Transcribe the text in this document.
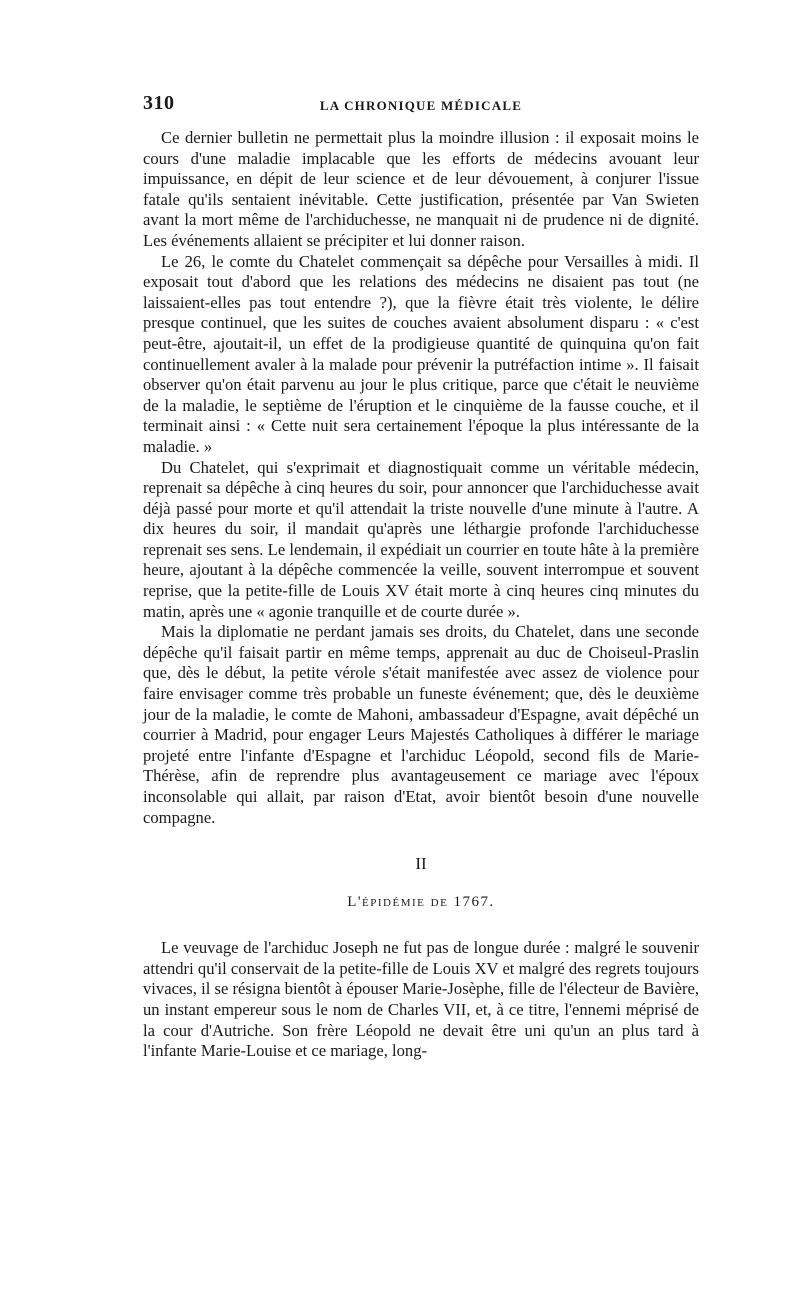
310	LA CHRONIQUE MÉDICALE

Ce dernier bulletin ne permettait plus la moindre illusion : il exposait moins le cours d'une maladie implacable que les efforts de médecins avouant leur impuissance, en dépit de leur science et de leur dévouement, à conjurer l'issue fatale qu'ils sentaient inévitable. Cette justification, présentée par Van Swieten avant la mort même de l'archiduchesse, ne manquait ni de prudence ni de dignité. Les événements allaient se précipiter et lui donner raison.

Le 26, le comte du Chatelet commençait sa dépêche pour Versailles à midi. Il exposait tout d'abord que les relations des médecins ne disaient pas tout (ne laissaient-elles pas tout entendre ?), que la fièvre était très violente, le délire presque continuel, que les suites de couches avaient absolument disparu : « c'est peut-être, ajoutait-il, un effet de la prodigieuse quantité de quinquina qu'on fait continuellement avaler à la malade pour prévenir la putréfaction intime ». Il faisait observer qu'on était parvenu au jour le plus critique, parce que c'était le neuvième de la maladie, le septième de l'éruption et le cinquième de la fausse couche, et il terminait ainsi : « Cette nuit sera certainement l'époque la plus intéressante de la maladie. »

Du Chatelet, qui s'exprimait et diagnostiquait comme un véritable médecin, reprenait sa dépêche à cinq heures du soir, pour annoncer que l'archiduchesse avait déjà passé pour morte et qu'il attendait la triste nouvelle d'une minute à l'autre. A dix heures du soir, il mandait qu'après une léthargie profonde l'archiduchesse reprenait ses sens. Le lendemain, il expédiait un courrier en toute hâte à la première heure, ajoutant à la dépêche commencée la veille, souvent interrompue et souvent reprise, que la petite-fille de Louis XV était morte à cinq heures cinq minutes du matin, après une « agonie tranquille et de courte durée ».

Mais la diplomatie ne perdant jamais ses droits, du Chatelet, dans une seconde dépêche qu'il faisait partir en même temps, apprenait au duc de Choiseul-Praslin que, dès le début, la petite vérole s'était manifestée avec assez de violence pour faire envisager comme très probable un funeste événement; que, dès le deuxième jour de la maladie, le comte de Mahoni, ambassadeur d'Espagne, avait dépêché un courrier à Madrid, pour engager Leurs Majestés Catholiques à différer le mariage projeté entre l'infante d'Espagne et l'archiduc Léopold, second fils de Marie-Thérèse, afin de reprendre plus avantageusement ce mariage avec l'époux inconsolable qui allait, par raison d'Etat, avoir bientôt besoin d'une nouvelle compagne.

II
L'épidémie de 1767.

Le veuvage de l'archiduc Joseph ne fut pas de longue durée : malgré le souvenir attendri qu'il conservait de la petite-fille de Louis XV et malgré des regrets toujours vivaces, il se résigna bientôt à épouser Marie-Josèphe, fille de l'électeur de Bavière, un instant empereur sous le nom de Charles VII, et, à ce titre, l'ennemi méprisé de la cour d'Autriche. Son frère Léopold ne devait être uni qu'un an plus tard à l'infante Marie-Louise et ce mariage, long-
